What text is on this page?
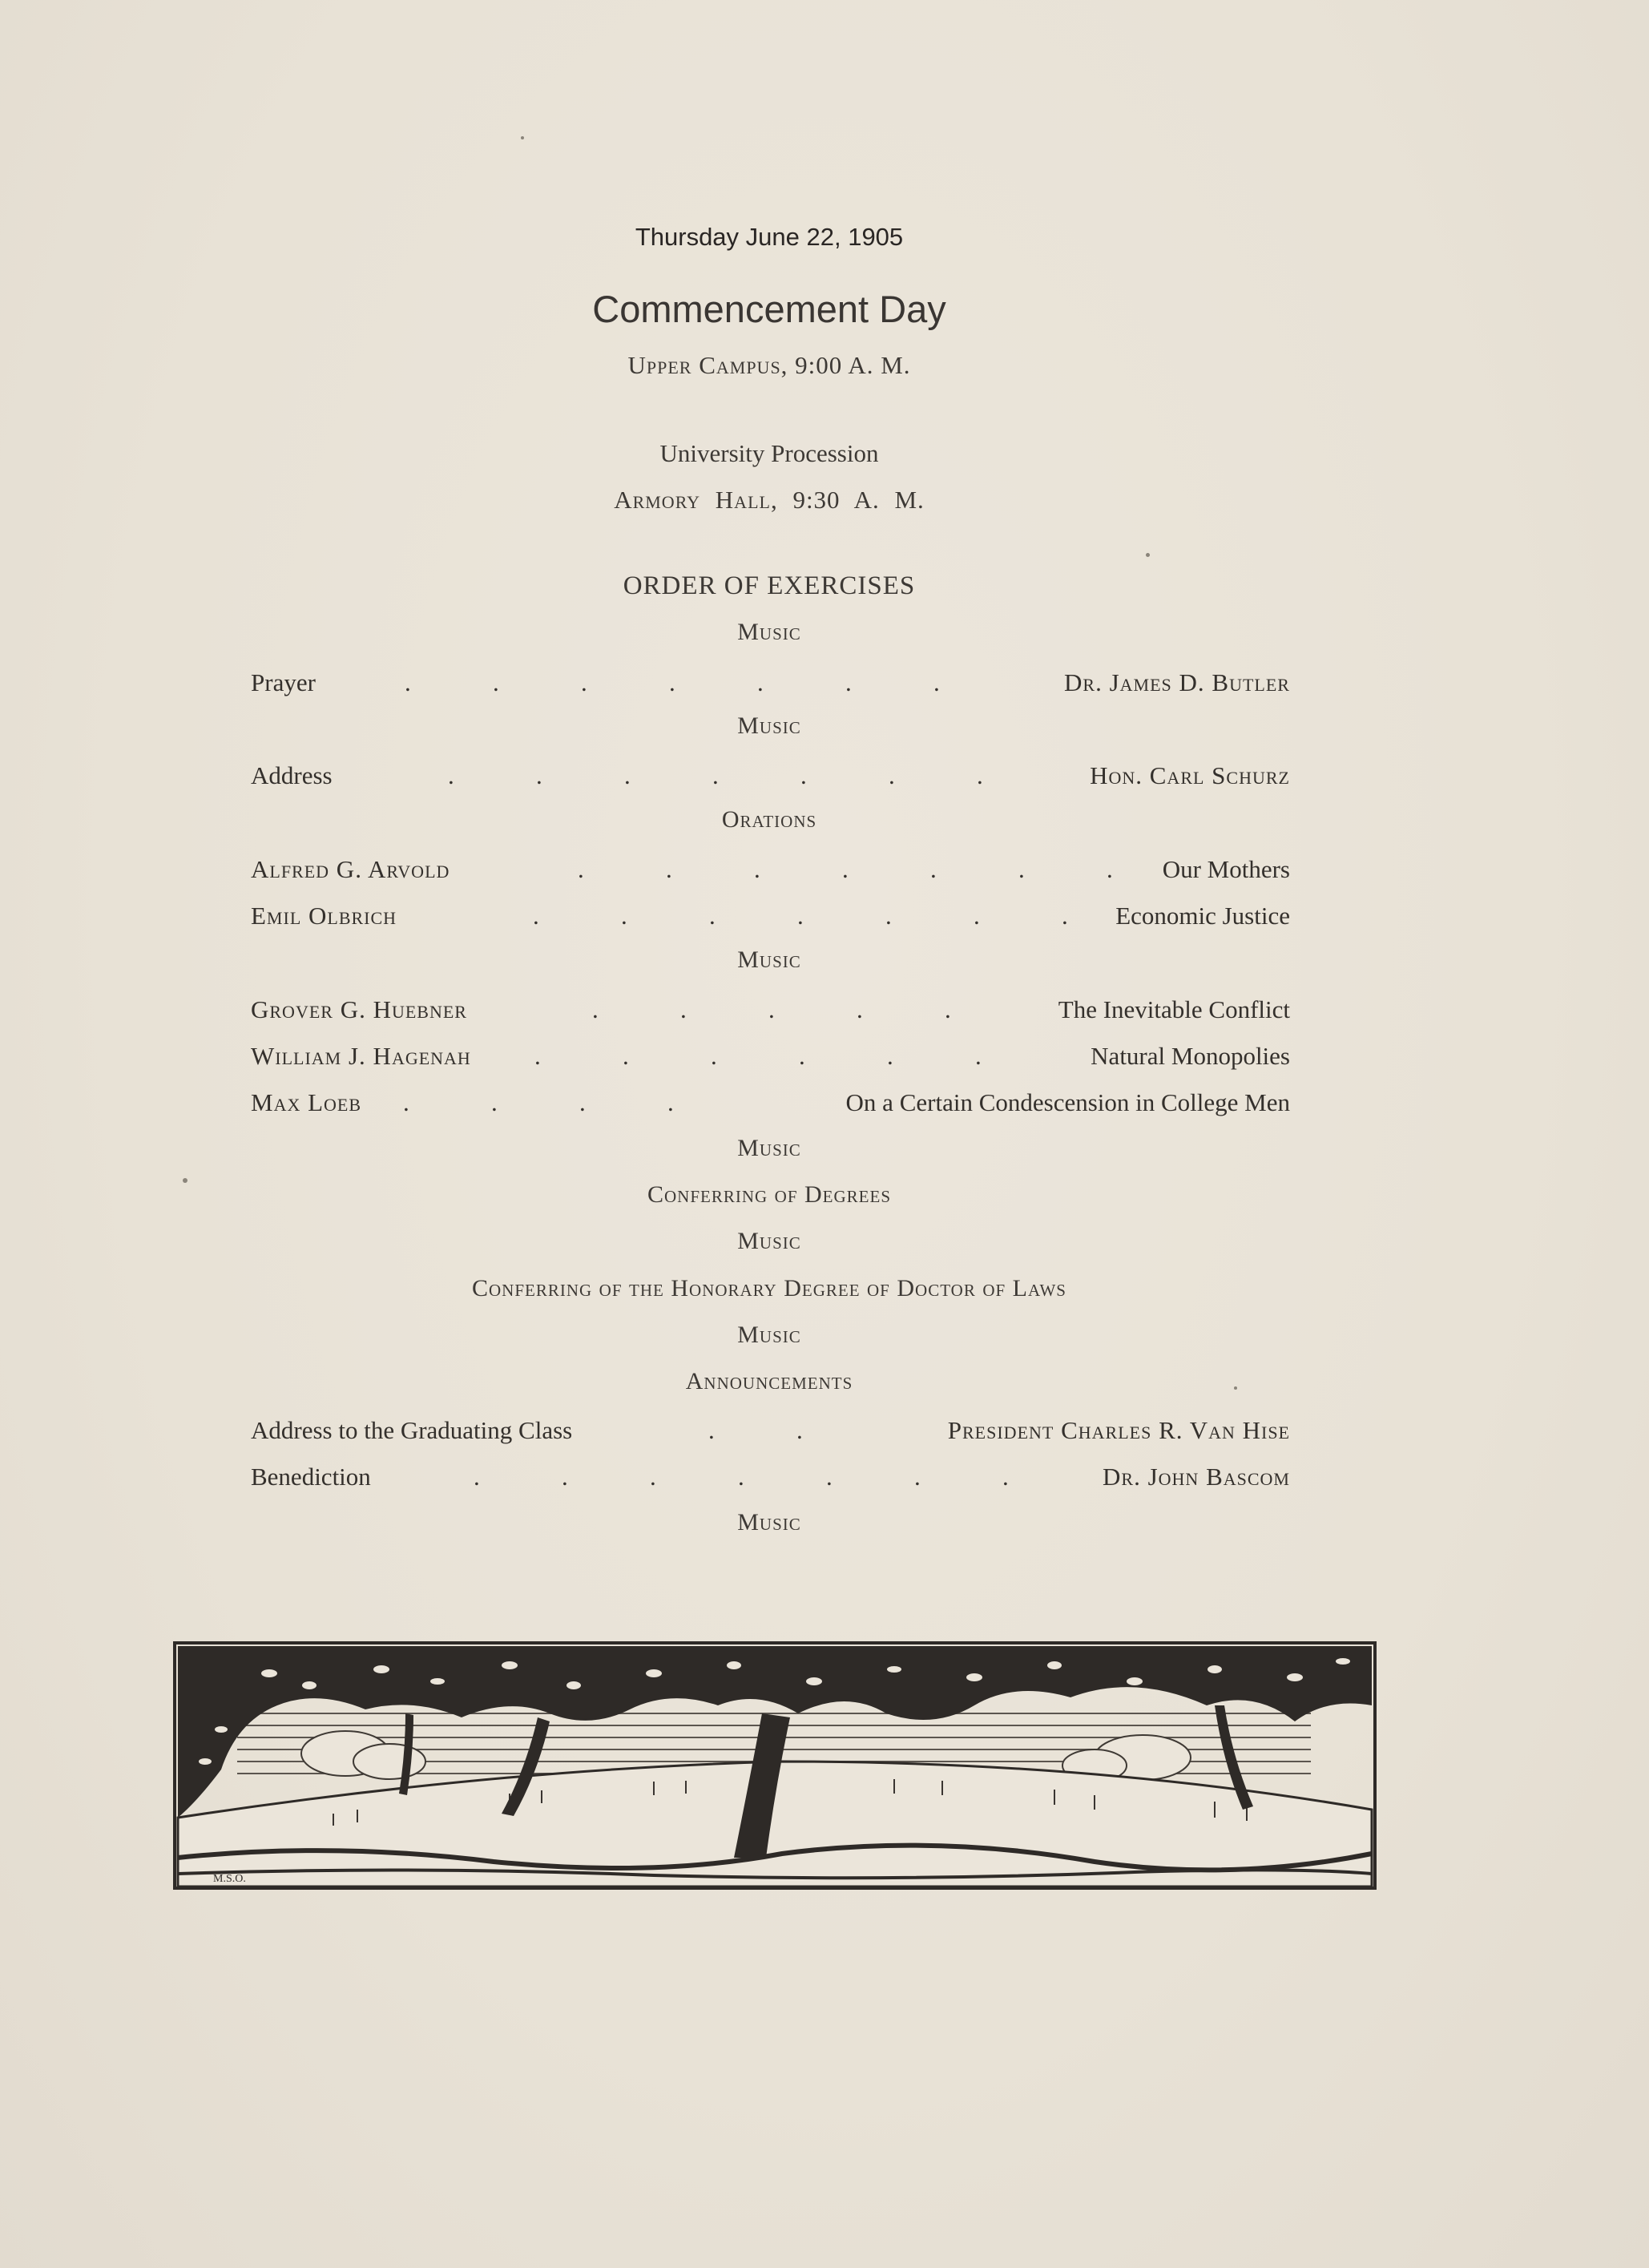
Thursday June 22, 1905
Commencement Day
Upper Campus, 9:00 A. M.
University Procession
Armory Hall, 9:30 A. M.
ORDER OF EXERCISES
Music
Prayer	.	.	.	.	.	.	.	Dr. James D. Butler
Music
Address	.	.	.	.	.	.	.	Hon. Carl Schurz
Orations
Alfred G. Arvold	.	.	.	.	.	.	.	Our Mothers
Emil Olbrich	.	.	.	.	.	.	.	Economic Justice
Music
Grover G. Huebner	.	.	.	.	.	The Inevitable Conflict
William J. Hagenah	.	.	.	.	.	.	Natural Monopolies
Max Loeb .	.	.	.	On a Certain Condescension in College Men
Music
Conferring of Degrees
Music
Conferring of the Honorary Degree of Doctor of Laws
Music
Announcements
Address to the Graduating Class	.	.	President Charles R. Van Hise
Benediction	.	.	.	.	.	.	.	Dr. John Bascom
Music
M.S.O.
